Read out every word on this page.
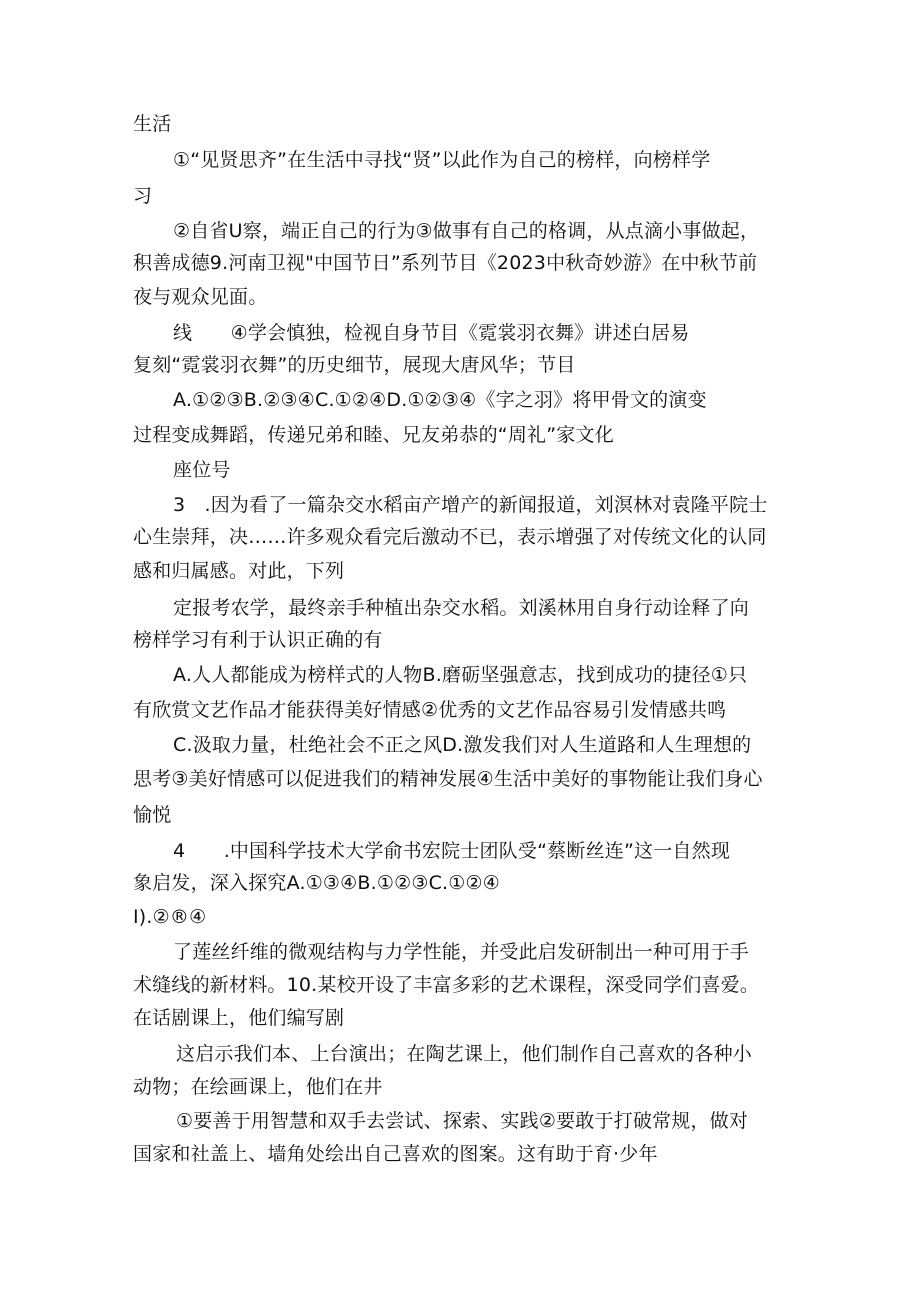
生活

①“见贤思齐”在生活中寻找“贤”以此作为自己的榜样，向榜样学

习

②自省U察，端正自己的行为③做事有自己的格调，从点滴小事做起，

积善成德9.河南卫视"中国节日”系列节目《2023中秋奇妙游》在中秋节前

夜与观众见面。

线　　④学会慎独，检视自身节目《霓裳羽衣舞》讲述白居易

复刻“霓裳羽衣舞”的历史细节，展现大唐风华；节目

A.①②③B.②③④C.①②④D.①②③④《字之羽》将甲骨文的演变

过程变成舞蹈，传递兄弟和睦、兄友弟恭的“周礼”家文化

座位号

3　.因为看了一篇杂交水稻亩产增产的新闻报道，刘溟林对袁隆平院士

心生崇拜，决……许多观众看完后激动不已，表示增强了对传统文化的认同

感和归属感。对此，下列

定报考农学，最终亲手种植出杂交水稻。刘溪林用自身行动诠释了向

榜样学习有利于认识正确的有

A.人人都能成为榜样式的人物B.磨砺坚强意志，找到成功的捷径①只

有欣赏文艺作品才能获得美好情感②优秀的文艺作品容易引发情感共鸣

C.汲取力量，杜绝社会不正之风D.激发我们对人生道路和人生理想的

思考③美好情感可以促进我们的精神发展④生活中美好的事物能让我们身心

愉悦

4　　.中国科学技术大学俞书宏院士团队受“蔡断丝连”这一自然现

象启发，深入探究A.①③④B.①②③C.①②④

I).②®④

了莲丝纤维的微观结构与力学性能，并受此启发研制出一种可用于手

术缝线的新材料。10.某校开设了丰富多彩的艺术课程，深受同学们喜爱。

在话剧课上，他们编写剧

这启示我们本、上台演出；在陶艺课上，他们制作自己喜欢的各种小

动物；在绘画课上，他们在井

①要善于用智慧和双手去尝试、探索、实践②要敢于打破常规，做对

国家和社盖上、墙角处绘出自己喜欢的图案。这有助于育·少年
